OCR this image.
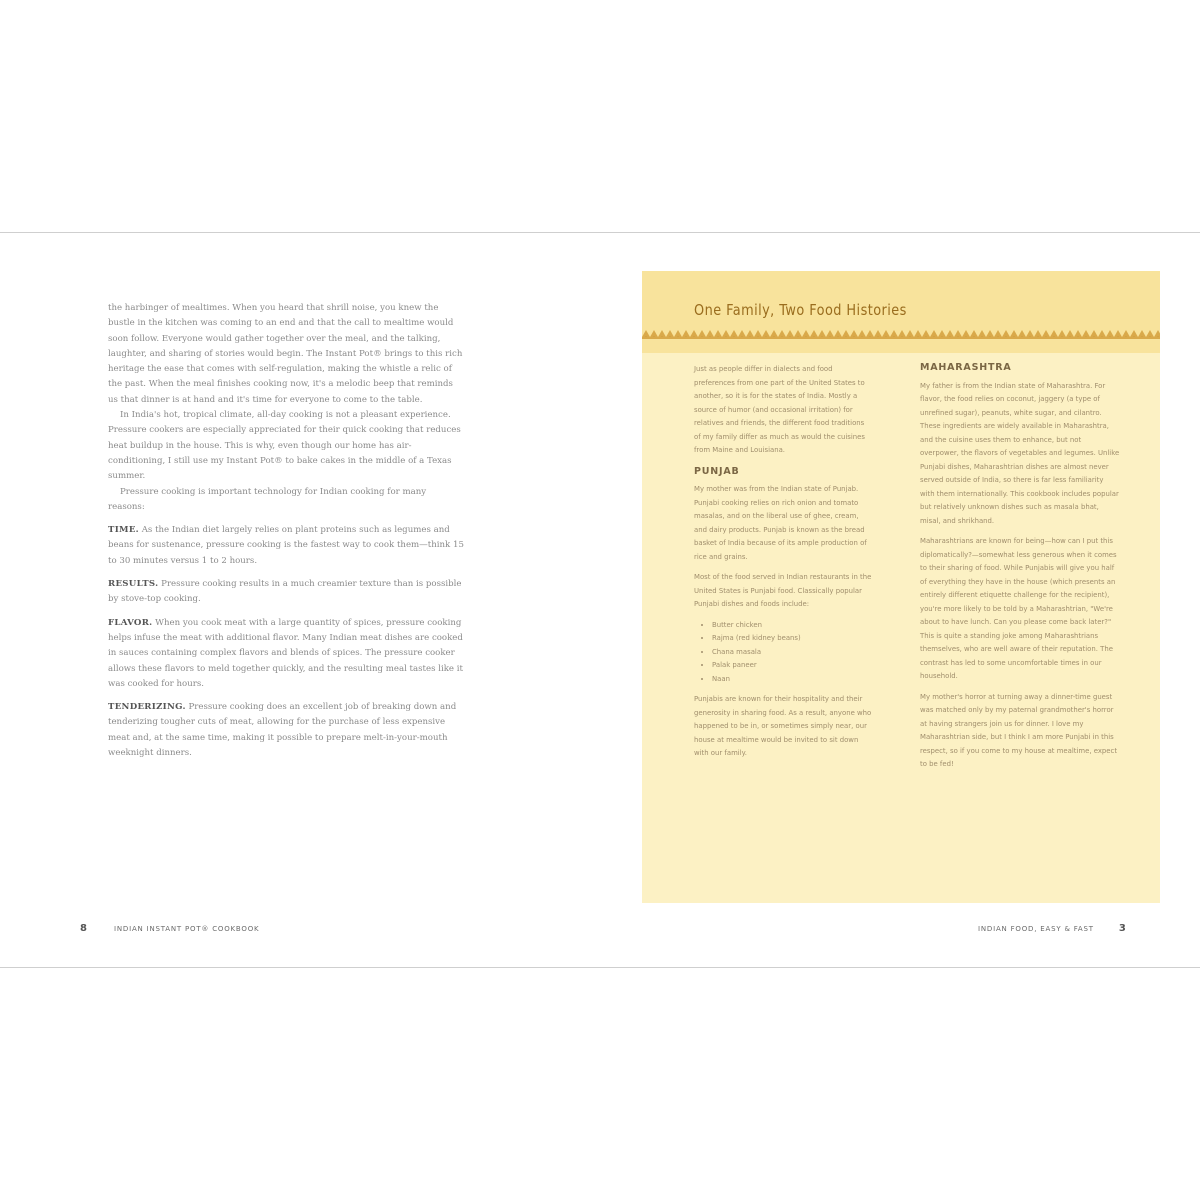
the harbinger of mealtimes. When you heard that shrill noise, you knew the bustle in the kitchen was coming to an end and that the call to mealtime would soon follow. Everyone would gather together over the meal, and the talking, laughter, and sharing of stories would begin. The Instant Pot® brings to this rich heritage the ease that comes with self-regulation, making the whistle a relic of the past. When the meal finishes cooking now, it's a melodic beep that reminds us that dinner is at hand and it's time for everyone to come to the table.

In India's hot, tropical climate, all-day cooking is not a pleasant experience. Pressure cookers are especially appreciated for their quick cooking that reduces heat buildup in the house. This is why, even though our home has air-conditioning, I still use my Instant Pot® to bake cakes in the middle of a Texas summer.

Pressure cooking is important technology for Indian cooking for many reasons:

TIME. As the Indian diet largely relies on plant proteins such as legumes and beans for sustenance, pressure cooking is the fastest way to cook them—think 15 to 30 minutes versus 1 to 2 hours.

RESULTS. Pressure cooking results in a much creamier texture than is possible by stove-top cooking.

FLAVOR. When you cook meat with a large quantity of spices, pressure cooking helps infuse the meat with additional flavor. Many Indian meat dishes are cooked in sauces containing complex flavors and blends of spices. The pressure cooker allows these flavors to meld together quickly, and the resulting meal tastes like it was cooked for hours.

TENDERIZING. Pressure cooking does an excellent job of breaking down and tenderizing tougher cuts of meat, allowing for the purchase of less expensive meat and, at the same time, making it possible to prepare melt-in-your-mouth weeknight dinners.

8	INDIAN INSTANT POT® COOKBOOK
One Family, Two Food Histories

Just as people differ in dialects and food preferences from one part of the United States to another, so it is for the states of India. Mostly a source of humor (and occasional irritation) for relatives and friends, the different food traditions of my family differ as much as would the cuisines from Maine and Louisiana.

PUNJAB

My mother was from the Indian state of Punjab. Punjabi cooking relies on rich onion and tomato masalas, and on the liberal use of ghee, cream, and dairy products. Punjab is known as the bread basket of India because of its ample production of rice and grains.

Most of the food served in Indian restaurants in the United States is Punjabi food. Classically popular Punjabi dishes and foods include:

• Butter chicken
• Rajma (red kidney beans)
• Chana masala
• Palak paneer
• Naan

Punjabis are known for their hospitality and their generosity in sharing food. As a result, anyone who happened to be in, or sometimes simply near, our house at mealtime would be invited to sit down with our family.

MAHARASHTRA

My father is from the Indian state of Maharashtra. For flavor, the food relies on coconut, jaggery (a type of unrefined sugar), peanuts, white sugar, and cilantro. These ingredients are widely available in Maharashtra, and the cuisine uses them to enhance, but not overpower, the flavors of vegetables and legumes. Unlike Punjabi dishes, Maharashtrian dishes are almost never served outside of India, so there is far less familiarity with them internationally. This cookbook includes popular but relatively unknown dishes such as masala bhat, misal, and shrikhand.

Maharashtrians are known for being—how can I put this diplomatically?—somewhat less generous when it comes to their sharing of food. While Punjabis will give you half of everything they have in the house (which presents an entirely different etiquette challenge for the recipient), you're more likely to be told by a Maharashtrian, "We're about to have lunch. Can you please come back later?" This is quite a standing joke among Maharashtrians themselves, who are well aware of their reputation. The contrast has led to some uncomfortable times in our household.

My mother's horror at turning away a dinner-time guest was matched only by my paternal grandmother's horror at having strangers join us for dinner. I love my Maharashtrian side, but I think I am more Punjabi in this respect, so if you come to my house at mealtime, expect to be fed!

INDIAN FOOD, EASY & FAST	3
